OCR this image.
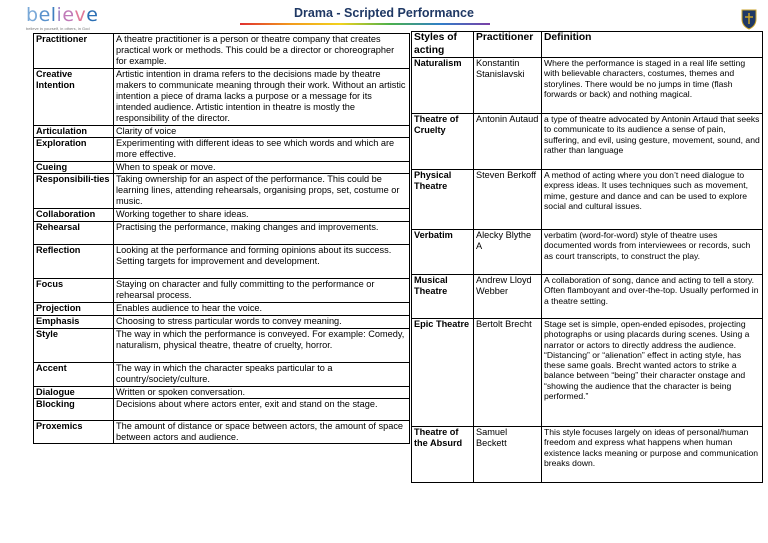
believe
believe in yourself, in others, in God
Drama - Scripted Performance
Practitioner	A theatre practitioner is a person or theatre company that creates practical work or methods. This could be a director or choreographer for example.
Creative Intention	Artistic intention in drama refers to the decisions made by theatre makers to communicate meaning through their work. Without an artistic intention a piece of drama lacks a purpose or a message for its intended audience. Artistic intention in theatre is mostly the responsibility of the director.
Articulation	Clarity of voice
Exploration	Experimenting with different ideas to see which words and which are more effective.
Cueing	When to speak or move.
Responsibili-ties	Taking ownership for an aspect of the performance. This could be learning lines, attending rehearsals, organising props, set, costume or music.
Collaboration	Working together to share ideas.
Rehearsal	Practising the performance, making changes and improvements.
Reflection	Looking at the performance and forming opinions about its success. Setting targets for improvement and development.
Focus	Staying on character and fully committing to the performance or rehearsal process.
Projection	Enables audience to hear the voice.
Emphasis	Choosing to stress particular words to convey meaning.
Style	The way in which the performance is conveyed. For example: Comedy, naturalism, physical theatre, theatre of cruelty, horror.
Accent	The way in which the character speaks particular to a country/society/culture.
Dialogue	Written or spoken conversation.
Blocking	Decisions about where actors enter, exit and stand on the stage.
Proxemics	The amount of distance or space between actors, the amount of space between actors and audience.
Styles of acting	Practitioner	Definition
Naturalism	Konstantin Stanislavski	Where the performance is staged in a real life setting with believable characters, costumes, themes and storylines. There would be no jumps in time (flash forwards or back) and nothing magical.
Theatre of Cruelty	Antonin Autaud	a type of theatre advocated by Antonin Artaud that seeks to communicate to its audience a sense of pain, suffering, and evil, using gesture, movement, sound, and rather than language
Physical Theatre	Steven Berkoff	A method of acting where you don’t need dialogue to express ideas. It uses techniques such as movement, mime, gesture and dance and can be used to explore social and cultural issues.
Verbatim	Alecky Blythe A	verbatim (word-for-word) style of theatre uses documented words from interviewees or records, such as court transcripts, to construct the play.
Musical Theatre	Andrew Lloyd Webber	A collaboration of song, dance and acting to tell a story. Often flamboyant and over-the-top. Usually performed in a theatre setting.
Epic Theatre	Bertolt Brecht	Stage set is simple, open-ended episodes, projecting photographs or using placards during scenes. Using a narrator or actors to directly address the audience. “Distancing” or “alienation” effect in acting style, has these same goals. Brecht wanted actors to strike a balance between “being” their character onstage and “showing the audience that the character is being performed.”
Theatre of the Absurd	Samuel Beckett	This style focuses largely on ideas of personal/human freedom and express what happens when human existence lacks meaning or purpose and communication breaks down.
